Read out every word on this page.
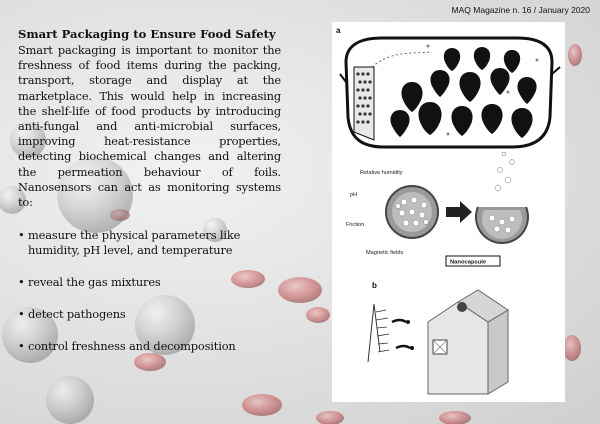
MAQ Magazine n. 16 / January 2020
Smart Packaging to Ensure Food Safety

Smart packaging is important to monitor the freshness of food items during the packing, transport, storage and display at the marketplace. This would help in increasing the shelf-life of food products by introducing anti-fungal and anti-microbial surfaces, improving heat-resistance properties, detecting biochemical changes and altering the permeation behaviour of foils. Nanosensors can act as monitoring systems to:

• measure the physical parameters like humidity, pH level, and temperature
• reveal the gas mixtures
• detect pathogens
• control freshness and decomposition
a
Relative humidity
pH
Friction
Magnetic fields
Nanocapsule
b
